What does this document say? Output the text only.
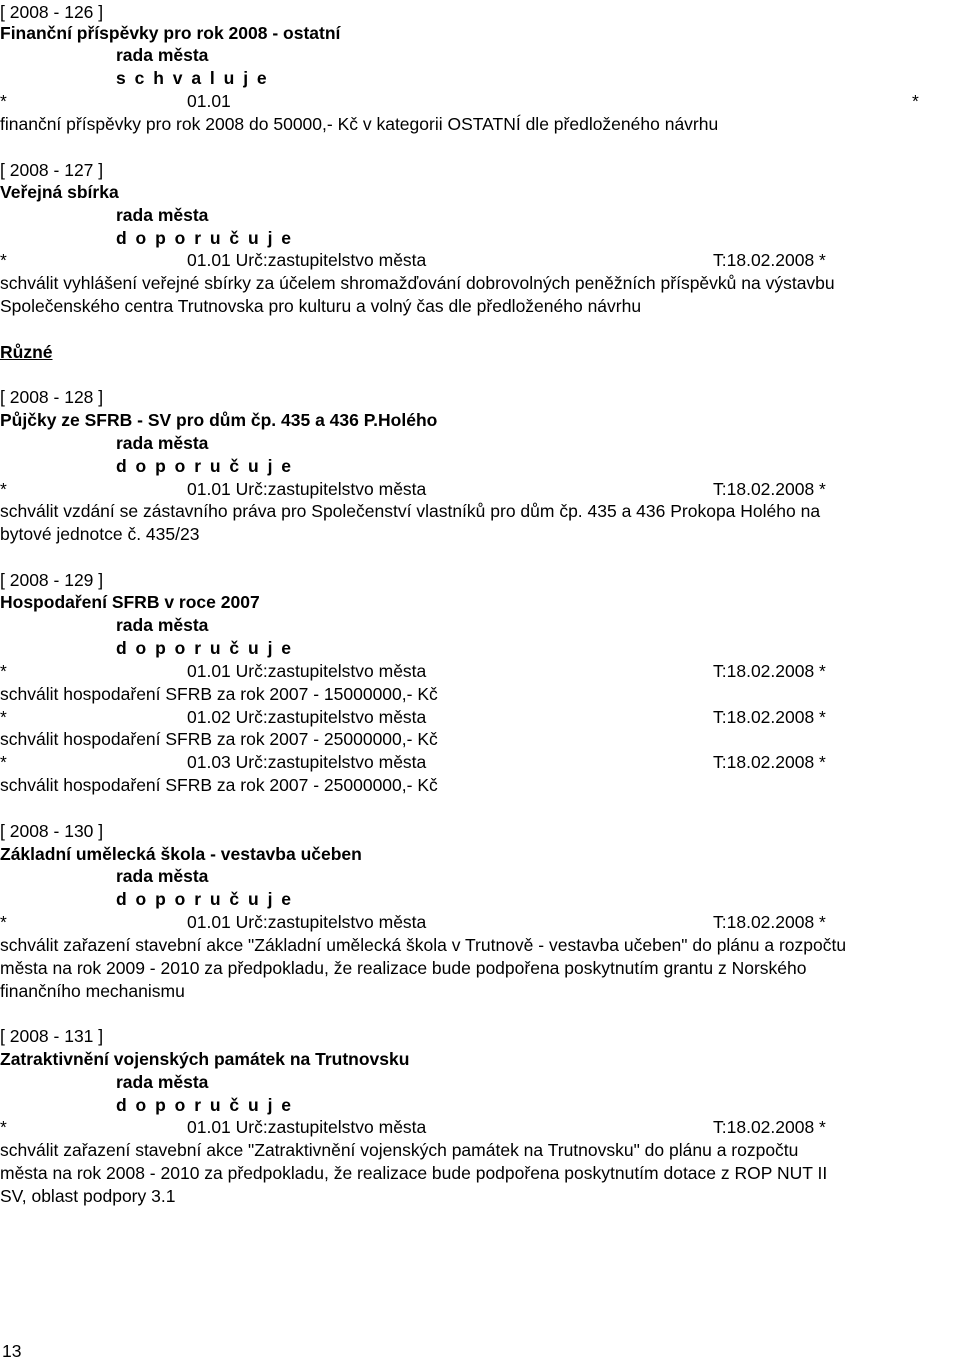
[ 2008 - 126 ]

Finanční příspěvky pro rok 2008 - ostatní

rada města

s c h v a l u j e

*	01.01	*

finanční příspěvky pro rok 2008 do 50000,- Kč v kategorii OSTATNÍ dle předloženého návrhu

[ 2008 - 127 ]

Veřejná sbírka

rada města

d o p o r u č u j e

*	01.01 Urč:zastupitelstvo města	T:18.02.2008 *

schválit vyhlášení veřejné sbírky za účelem shromažďování dobrovolných peněžních příspěvků na výstavbu

Společenského centra Trutnovska pro kulturu a volný čas dle předloženého návrhu

Různé

[ 2008 - 128 ]

Půjčky ze SFRB - SV pro dům čp. 435 a 436 P.Holého

rada města

d o p o r u č u j e

*	01.01 Urč:zastupitelstvo města	T:18.02.2008 *

schválit vzdání se zástavního práva pro Společenství vlastníků pro dům čp. 435 a 436 Prokopa Holého na

bytové jednotce č. 435/23

[ 2008 - 129 ]

Hospodaření SFRB v roce 2007

rada města

d o p o r u č u j e

*	01.01 Urč:zastupitelstvo města	T:18.02.2008 *

schválit hospodaření SFRB za rok 2007 - 15000000,- Kč

*	01.02 Urč:zastupitelstvo města	T:18.02.2008 *

schválit hospodaření SFRB za rok 2007 - 25000000,- Kč

*	01.03 Urč:zastupitelstvo města	T:18.02.2008 *

schválit hospodaření SFRB za rok 2007 - 25000000,- Kč

[ 2008 - 130 ]

Základní umělecká škola - vestavba učeben

rada města

d o p o r u č u j e

*	01.01 Urč:zastupitelstvo města	T:18.02.2008 *

schválit zařazení stavební akce "Základní umělecká škola v Trutnově - vestavba učeben" do plánu a rozpočtu

města na rok 2009 - 2010 za předpokladu, že realizace bude podpořena poskytnutím grantu z Norského

finančního mechanismu

[ 2008 - 131 ]

Zatraktivnění vojenských památek na Trutnovsku

rada města

d o p o r u č u j e

*	01.01 Urč:zastupitelstvo města	T:18.02.2008 *

schválit zařazení stavební akce "Zatraktivnění vojenských památek na Trutnovsku" do plánu a rozpočtu

města na rok 2008 - 2010 za předpokladu, že realizace bude podpořena poskytnutím dotace z ROP NUT II

SV, oblast podpory 3.1

13
